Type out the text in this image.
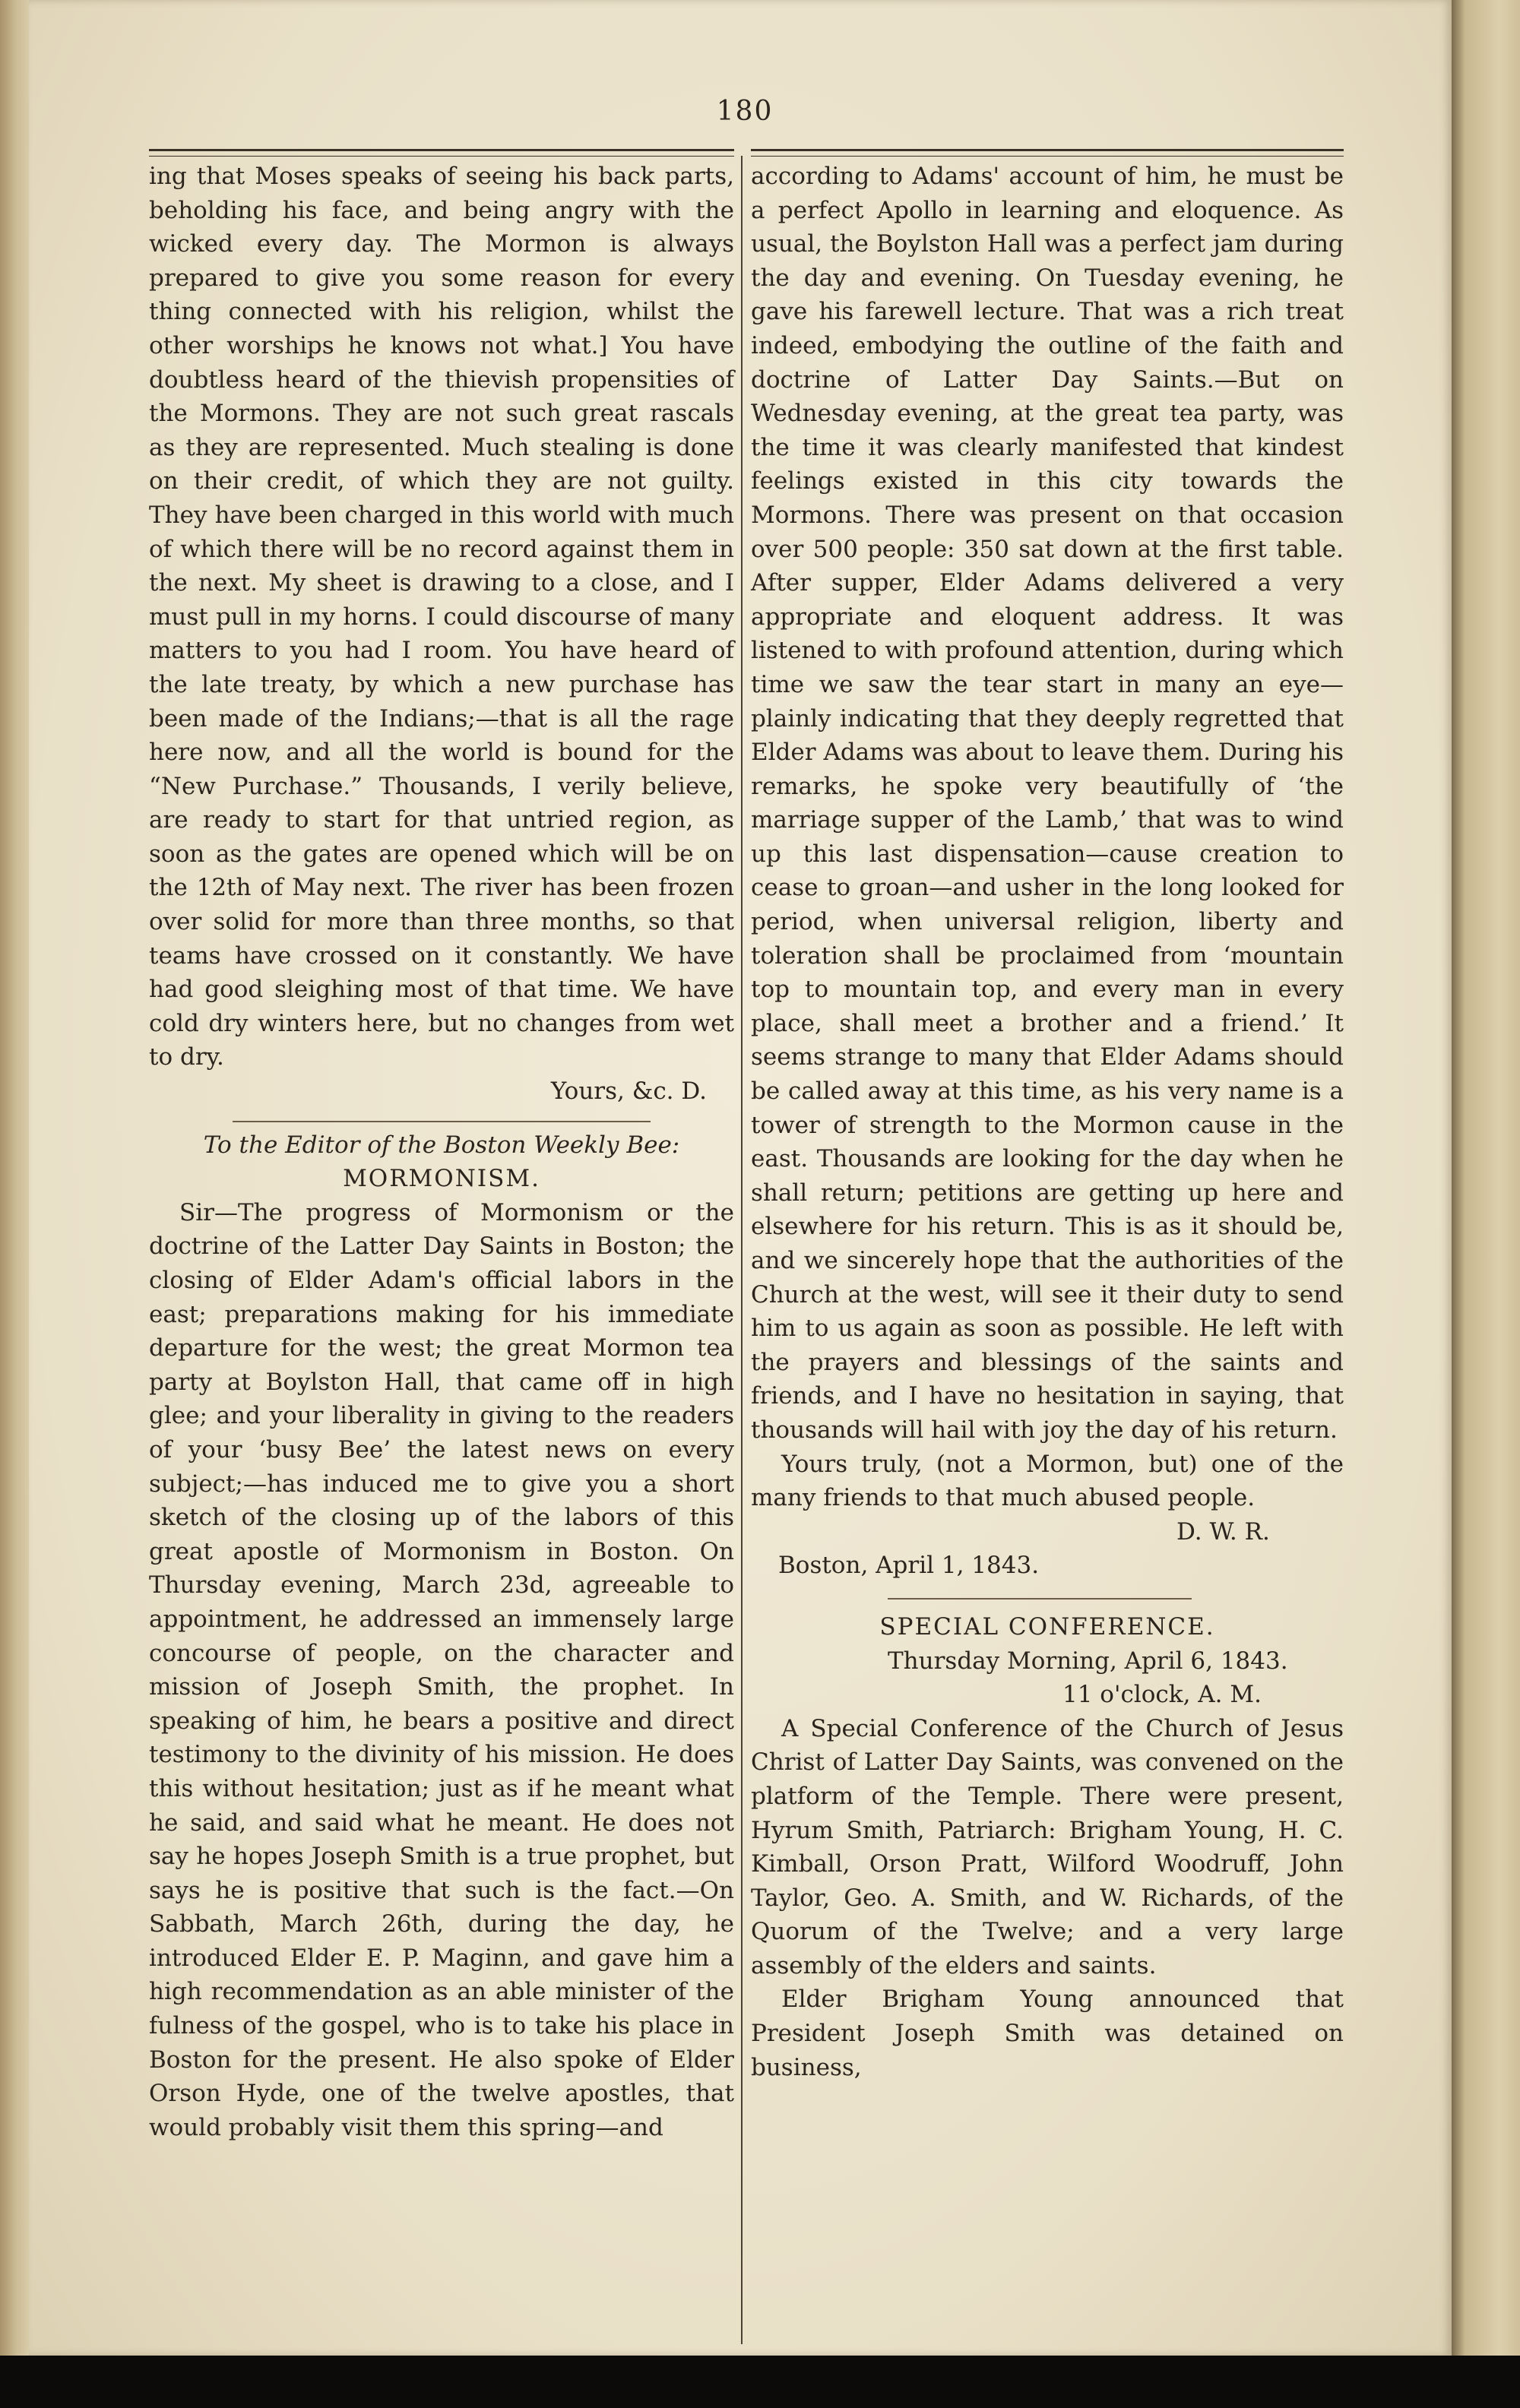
180

ing that Moses speaks of seeing his back parts, beholding his face, and being angry with the wicked every day. The Mormon is always prepared to give you some reason for every thing connected with his religion, whilst the other worships he knows not what.] You have doubtless heard of the thievish propensities of the Mormons. They are not such great rascals as they are represented. Much stealing is done on their credit, of which they are not guilty. They have been charged in this world with much of which there will be no record against them in the next. My sheet is drawing to a close, and I must pull in my horns. I could discourse of many matters to you had I room. You have heard of the late treaty, by which a new purchase has been made of the Indians;—that is all the rage here now, and all the world is bound for the “New Purchase.” Thousands, I verily believe, are ready to start for that untried region, as soon as the gates are opened which will be on the 12th of May next. The river has been frozen over solid for more than three months, so that teams have crossed on it constantly. We have had good sleighing most of that time. We have cold dry winters here, but no changes from wet to dry.

Yours, &c. D.

To the Editor of the Boston Weekly Bee:

MORMONISM.

Sir—The progress of Mormonism or the doctrine of the Latter Day Saints in Boston; the closing of Elder Adam's official labors in the east; preparations making for his immediate departure for the west; the great Mormon tea party at Boylston Hall, that came off in high glee; and your liberality in giving to the readers of your ‘busy Bee’ the latest news on every subject;—has induced me to give you a short sketch of the closing up of the labors of this great apostle of Mormonism in Boston. On Thursday evening, March 23d, agreeable to appointment, he addressed an immensely large concourse of people, on the character and mission of Joseph Smith, the prophet. In speaking of him, he bears a positive and direct testimony to the divinity of his mission. He does this without hesitation; just as if he meant what he said, and said what he meant. He does not say he hopes Joseph Smith is a true prophet, but says he is positive that such is the fact.—On Sabbath, March 26th, during the day, he introduced Elder E. P. Maginn, and gave him a high recommendation as an able minister of the fulness of the gospel, who is to take his place in Boston for the present. He also spoke of Elder Orson Hyde, one of the twelve apostles, that would probably visit them this spring—and

according to Adams' account of him, he must be a perfect Apollo in learning and eloquence. As usual, the Boylston Hall was a perfect jam during the day and evening. On Tuesday evening, he gave his farewell lecture. That was a rich treat indeed, embodying the outline of the faith and doctrine of Latter Day Saints.—But on Wednesday evening, at the great tea party, was the time it was clearly manifested that kindest feelings existed in this city towards the Mormons. There was present on that occasion over 500 people: 350 sat down at the first table. After supper, Elder Adams delivered a very appropriate and eloquent address. It was listened to with profound attention, during which time we saw the tear start in many an eye—plainly indicating that they deeply regretted that Elder Adams was about to leave them. During his remarks, he spoke very beautifully of ‘the marriage supper of the Lamb,’ that was to wind up this last dispensation—cause creation to cease to groan—and usher in the long looked for period, when universal religion, liberty and toleration shall be proclaimed from ‘mountain top to mountain top, and every man in every place, shall meet a brother and a friend.’ It seems strange to many that Elder Adams should be called away at this time, as his very name is a tower of strength to the Mormon cause in the east. Thousands are looking for the day when he shall return; petitions are getting up here and elsewhere for his return. This is as it should be, and we sincerely hope that the authorities of the Church at the west, will see it their duty to send him to us again as soon as possible. He left with the prayers and blessings of the saints and friends, and I have no hesitation in saying, that thousands will hail with joy the day of his return.

Yours truly, (not a Mormon, but) one of the many friends to that much abused people.

D. W. R.

Boston, April 1, 1843.

SPECIAL CONFERENCE.

Thursday Morning, April 6, 1843.

11 o'clock, A. M.

A Special Conference of the Church of Jesus Christ of Latter Day Saints, was convened on the platform of the Temple. There were present, Hyrum Smith, Patriarch: Brigham Young, H. C. Kimball, Orson Pratt, Wilford Woodruff, John Taylor, Geo. A. Smith, and W. Richards, of the Quorum of the Twelve; and a very large assembly of the elders and saints.

Elder Brigham Young announced that President Joseph Smith was detained on business,
